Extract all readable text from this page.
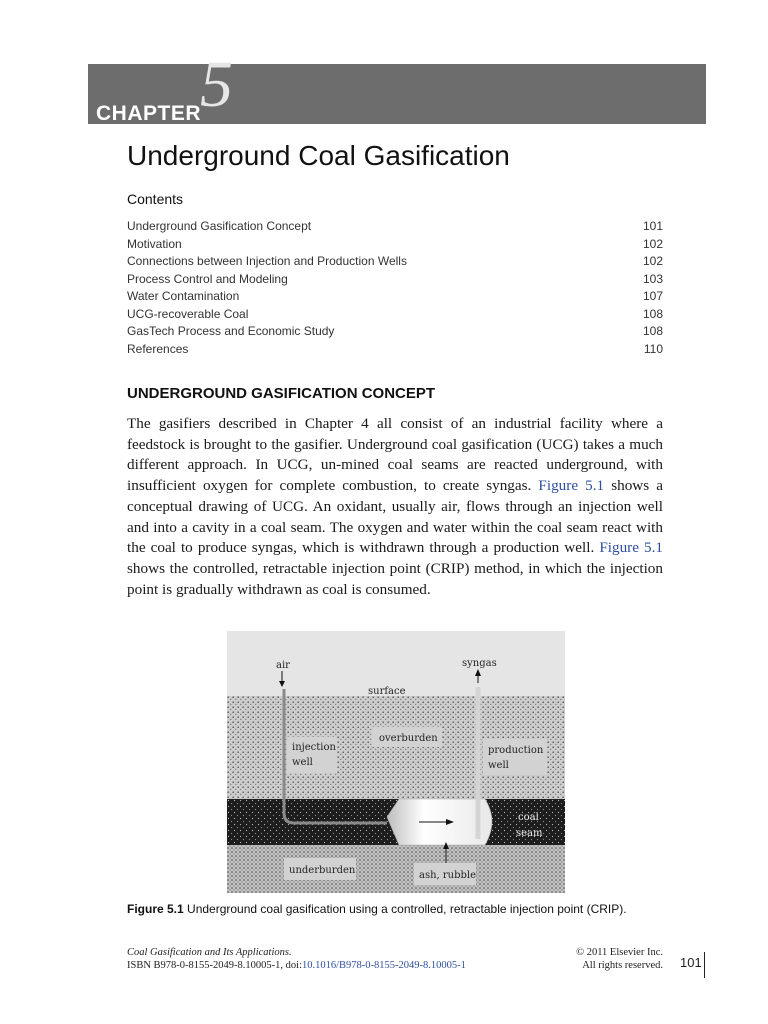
CHAPTER
5
Underground Coal Gasification
Contents
Underground Gasification Concept	101
Motivation	102
Connections between Injection and Production Wells	102
Process Control and Modeling	103
Water Contamination	107
UCG-recoverable Coal	108
GasTech Process and Economic Study	108
References	110
UNDERGROUND GASIFICATION CONCEPT

The gasifiers described in Chapter 4 all consist of an industrial facility where a feedstock is brought to the gasifier. Underground coal gasification (UCG) takes a much different approach. In UCG, un-mined coal seams are reacted underground, with insufficient oxygen for complete combustion, to create syngas. Figure 5.1 shows a conceptual drawing of UCG. An oxidant, usually air, flows through an injection well and into a cavity in a coal seam. The oxygen and water within the coal seam react with the coal to produce syngas, which is withdrawn through a production well. Figure 5.1 shows the controlled, retractable injection point (CRIP) method, in which the injection point is gradually withdrawn as coal is consumed.

air	syngas
surface
overburden
injection
well
production
well
coal
seam
underburden	ash, rubble
Figure 5.1 Underground coal gasification using a controlled, retractable injection point (CRIP).
Coal Gasification and Its Applications.
ISBN B978-0-8155-2049-8.10005-1, doi:10.1016/B978-0-8155-2049-8.10005-1
© 2011 Elsevier Inc.
All rights reserved. 101
